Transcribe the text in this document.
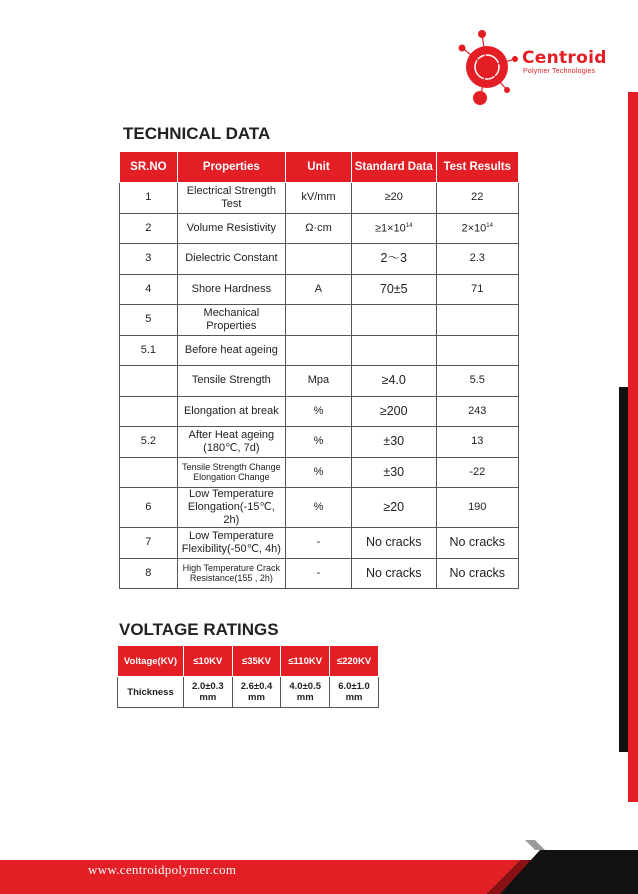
Centroid
Polymer Technologies
TECHNICAL DATA
SR.NO	Properties	Unit	Standard Data	Test Results
1	Electrical Strength Test	kV/mm	≥20	22
2	Volume Resistivity	Ω·cm	$\ge 1\times 10^{14}$	$2\times 10^{14}$
3	Dielectric Constant		2〜3	2.3
4	Shore Hardness	A	70±5	71
5	Mechanical Properties			
5.1	Before heat ageing			
	Tensile Strength	Mpa	≥4.0	5.5
	Elongation at break	%	≥200	243
5.2	After Heat ageing (180℃, 7d)	%	±30	13
	Tensile Strength Change Elongation Change	%	±30	-22
6	Low Temperature Elongation(-15℃, 2h)	%	≥20	190
7	Low Temperature Flexibility(-50℃, 4h)	-	No cracks	No cracks
8	High Temperature Crack Resistance(155 , 2h)	-	No cracks	No cracks
VOLTAGE RATINGS
Voltage(KV)	≤10KV	≤35KV	≤110KV	≤220KV
Thickness	2.0±0.3 mm	2.6±0.4 mm	4.0±0.5 mm	6.0±1.0 mm
www.centroidpolymer.com
